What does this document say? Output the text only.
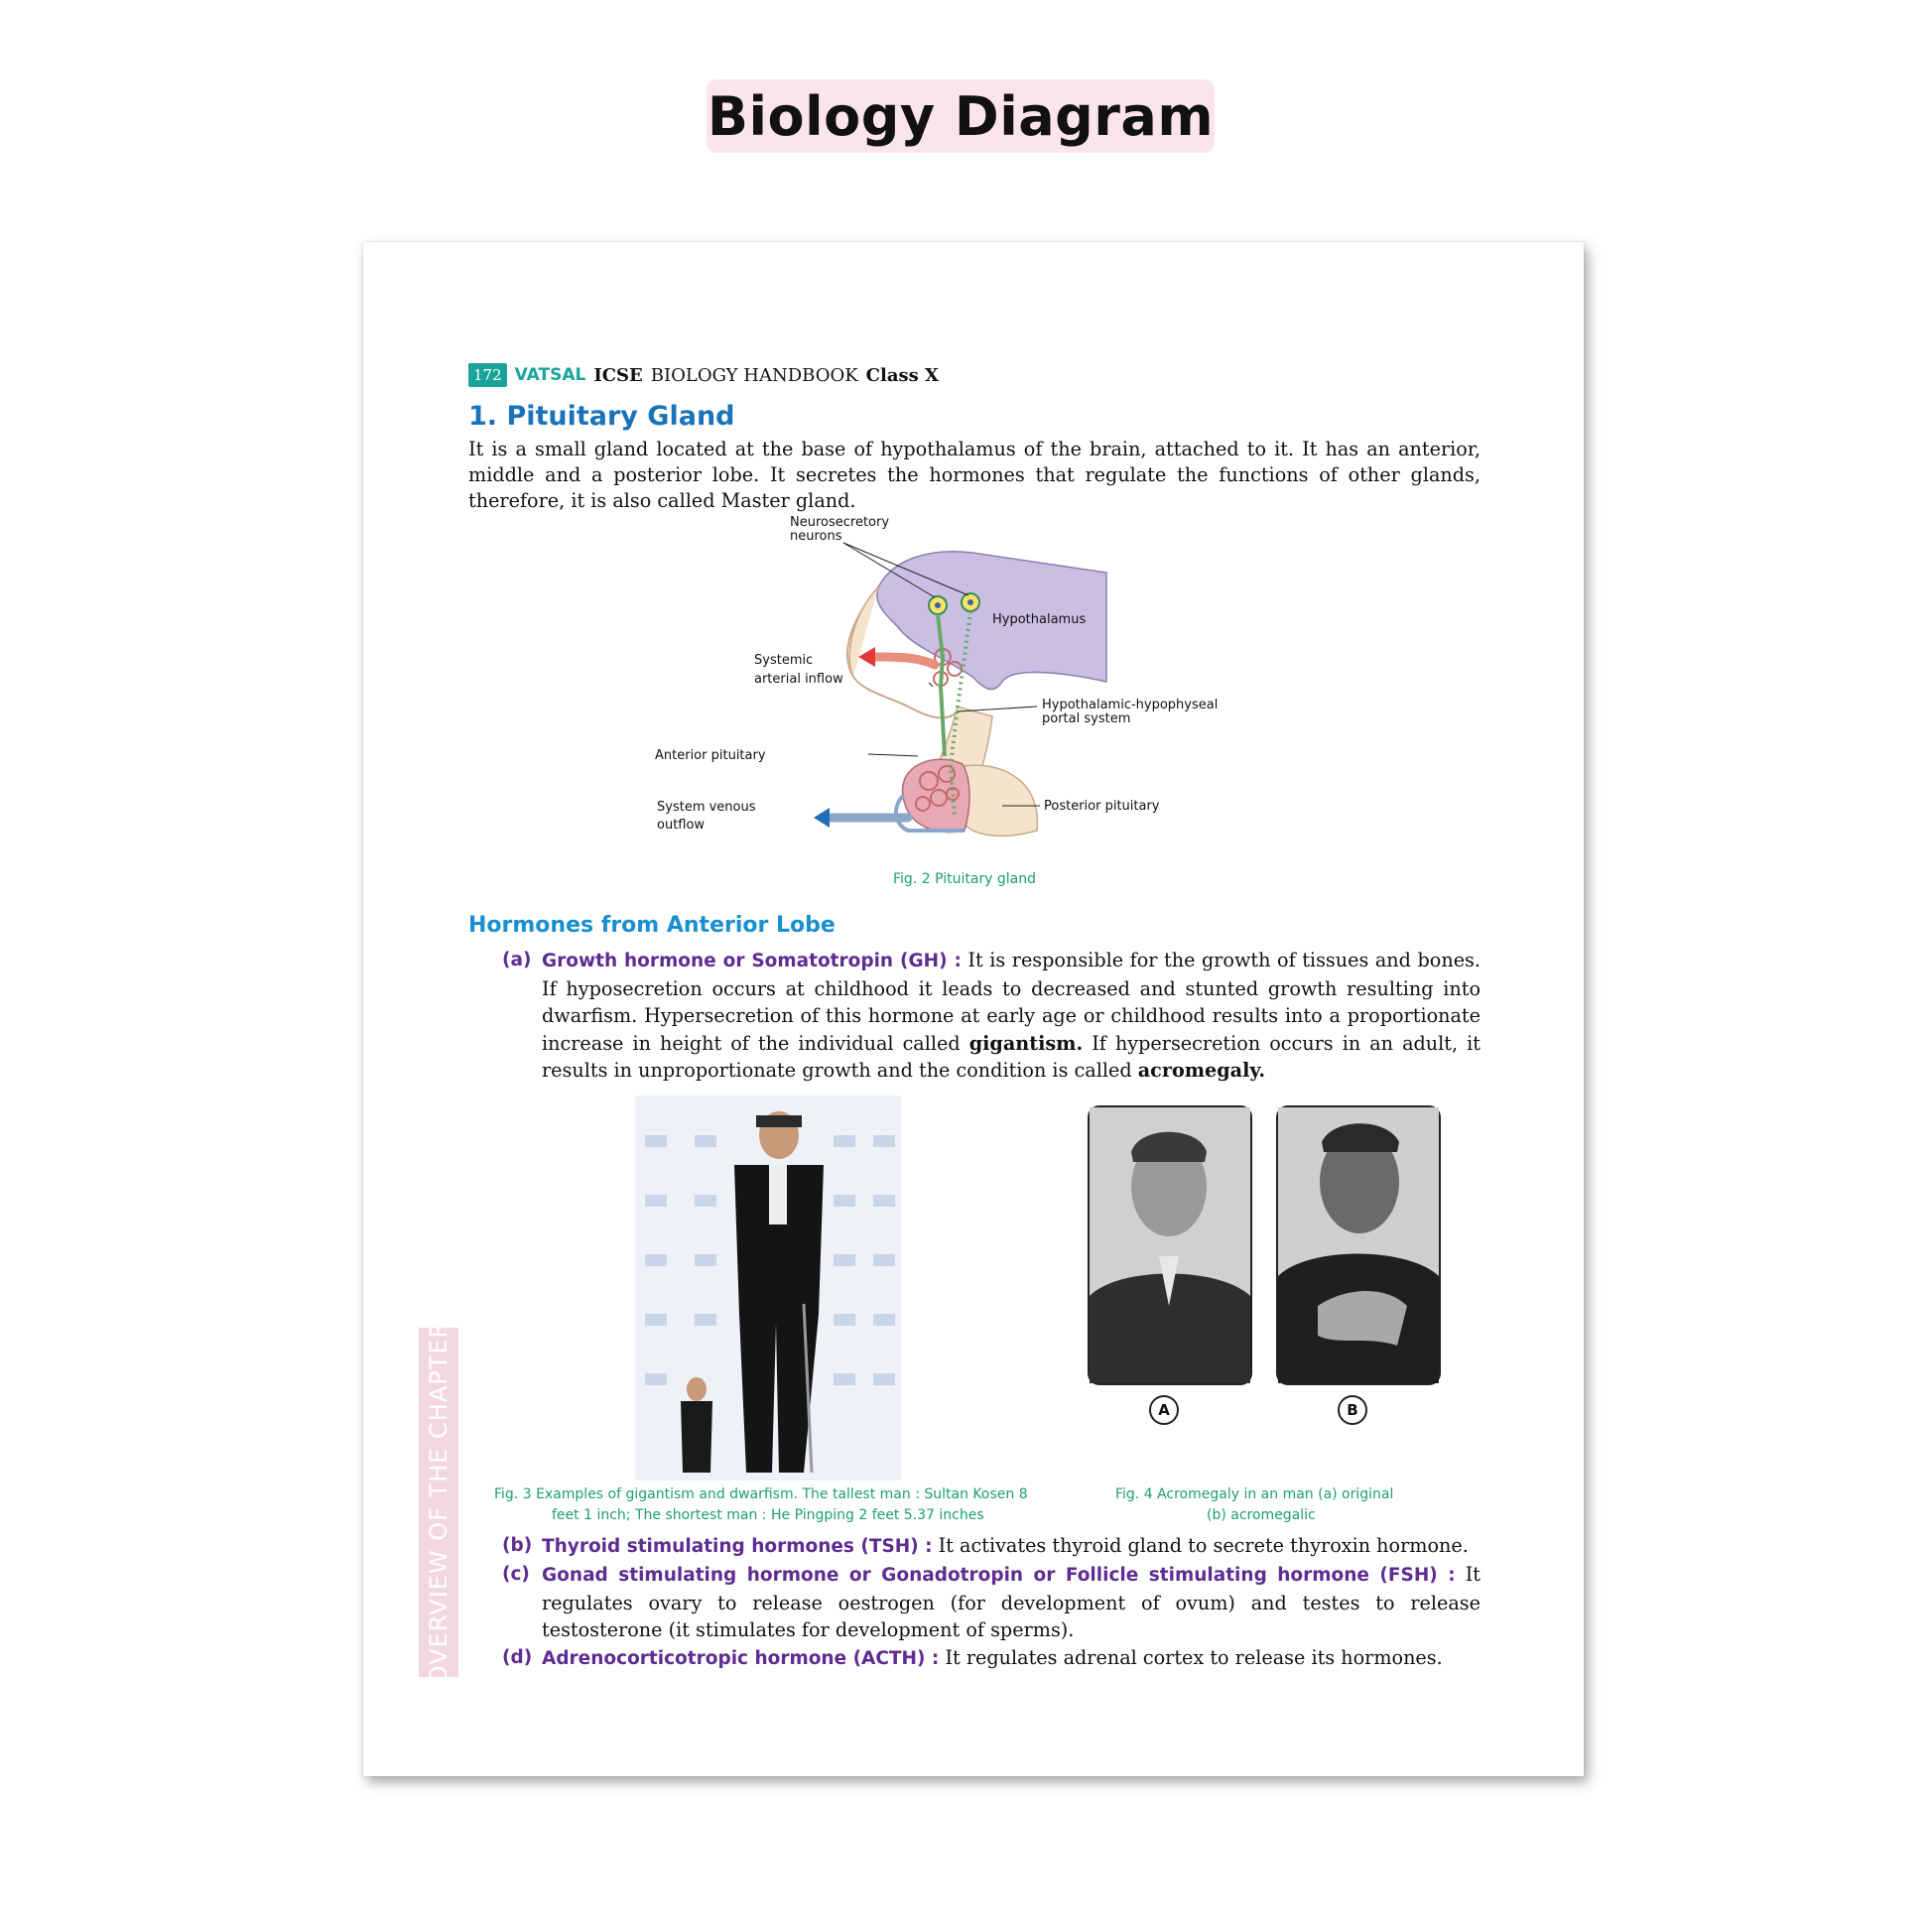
Biology Diagram
172 VATSAL ICSE BIOLOGY HANDBOOK Class X
1. Pituitary Gland
It is a small gland located at the base of hypothalamus of the brain, attached to it. It has an anterior, middle and a posterior lobe. It secretes the hormones that regulate the functions of other glands, therefore, it is also called Master gland.
Neurosecretory
neurons
Hypothalamus
Systemic
arterial inflow
Hypothalamic-hypophyseal
portal system
Anterior pituitary
System venous
outflow
Posterior pituitary
Fig. 2 Pituitary gland
Hormones from Anterior Lobe
(a) Growth hormone or Somatotropin (GH) : It is responsible for the growth of tissues and bones. If hyposecretion occurs at childhood it leads to decreased and stunted growth resulting into dwarfism. Hypersecretion of this hormone at early age or childhood results into a proportionate increase in height of the individual called gigantism. If hypersecretion occurs in an adult, it results in unproportionate growth and the condition is called acromegaly.
A	B
Fig. 3 Examples of gigantism and dwarfism. The tallest man : Sultan Kosen 8
feet 1 inch; The shortest man : He Pingping 2 feet 5.37 inches
Fig. 4 Acromegaly in an man (a) original
(b) acromegalic
(b) Thyroid stimulating hormones (TSH) : It activates thyroid gland to secrete thyroxin hormone.
(c) Gonad stimulating hormone or Gonadotropin or Follicle stimulating hormone (FSH) : It regulates ovary to release oestrogen (for development of ovum) and testes to release testosterone (it stimulates for development of sperms).
(d) Adrenocorticotropic hormone (ACTH) : It regulates adrenal cortex to release its hormones.
OVERVIEW OF THE CHAPTER
